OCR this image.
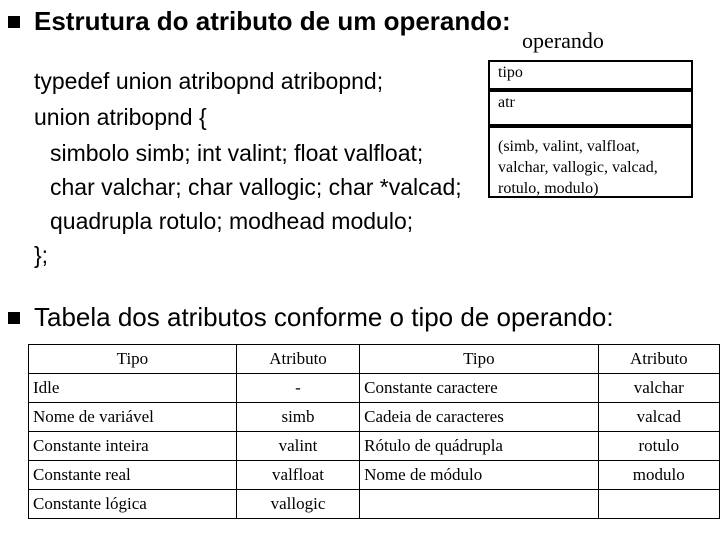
Estrutura do atributo de um operando:
operando
typedef union atribopnd atribopnd;
union atribopnd {
simbolo simb; int valint; float valfloat;
char valchar; char vallogic; char *valcad;
quadrupla rotulo; modhead modulo;
};
tipo
atr
(simb, valint, valfloat, valchar, vallogic, valcad, rotulo, modulo)
Tabela dos atributos conforme o tipo de operando:
Tipo	Atributo	Tipo	Atributo
Idle	-	Constante caractere	valchar
Nome de variável	simb	Cadeia de caracteres	valcad
Constante inteira	valint	Rótulo de quádrupla	rotulo
Constante real	valfloat	Nome de módulo	modulo
Constante lógica	vallogic		
